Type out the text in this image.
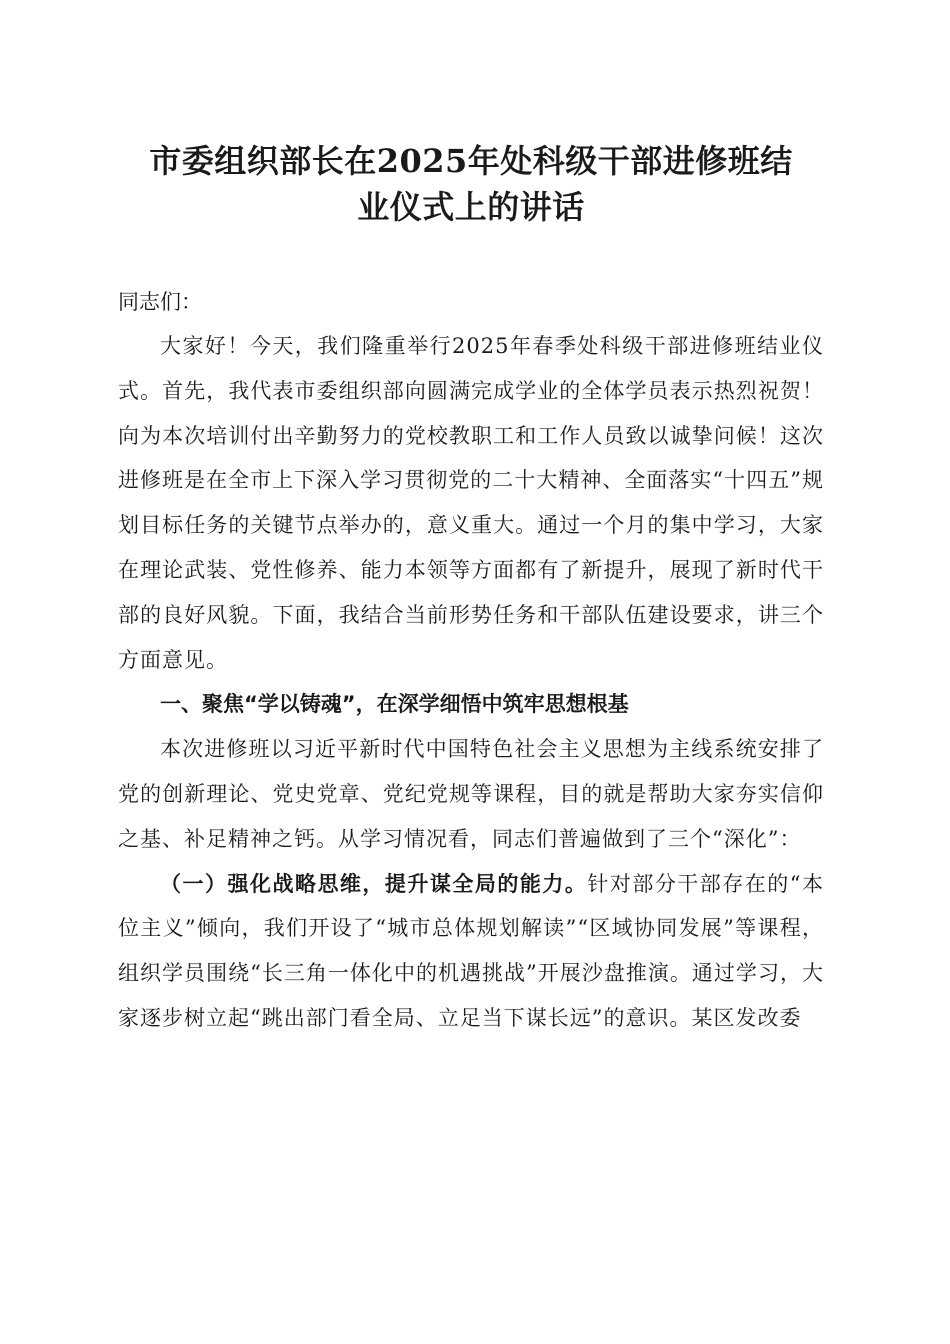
市委组织部长在2025年处科级干部进修班结
业仪式上的讲话

同志们：

大家好！今天，我们隆重举行2025年春季处科级干部进修班结业仪式。首先，我代表市委组织部向圆满完成学业的全体学员表示热烈祝贺！向为本次培训付出辛勤努力的党校教职工和工作人员致以诚挚问候！这次进修班是在全市上下深入学习贯彻党的二十大精神、全面落实“十四五”规划目标任务的关键节点举办的，意义重大。通过一个月的集中学习，大家在理论武装、党性修养、能力本领等方面都有了新提升，展现了新时代干部的良好风貌。下面，我结合当前形势任务和干部队伍建设要求，讲三个方面意见。

一、聚焦“学以铸魂”，在深学细悟中筑牢思想根基

本次进修班以习近平新时代中国特色社会主义思想为主线系统安排了党的创新理论、党史党章、党纪党规等课程，目的就是帮助大家夯实信仰之基、补足精神之钙。从学习情况看，同志们普遍做到了三个“深化”：

（一）强化战略思维，提升谋全局的能力。针对部分干部存在的“本位主义”倾向，我们开设了“城市总体规划解读”“区域协同发展”等课程，组织学员围绕“长三角一体化中的机遇挑战”开展沙盘推演。通过学习，大家逐步树立起“跳出部门看全局、立足当下谋长远”的意识。某区发改委
